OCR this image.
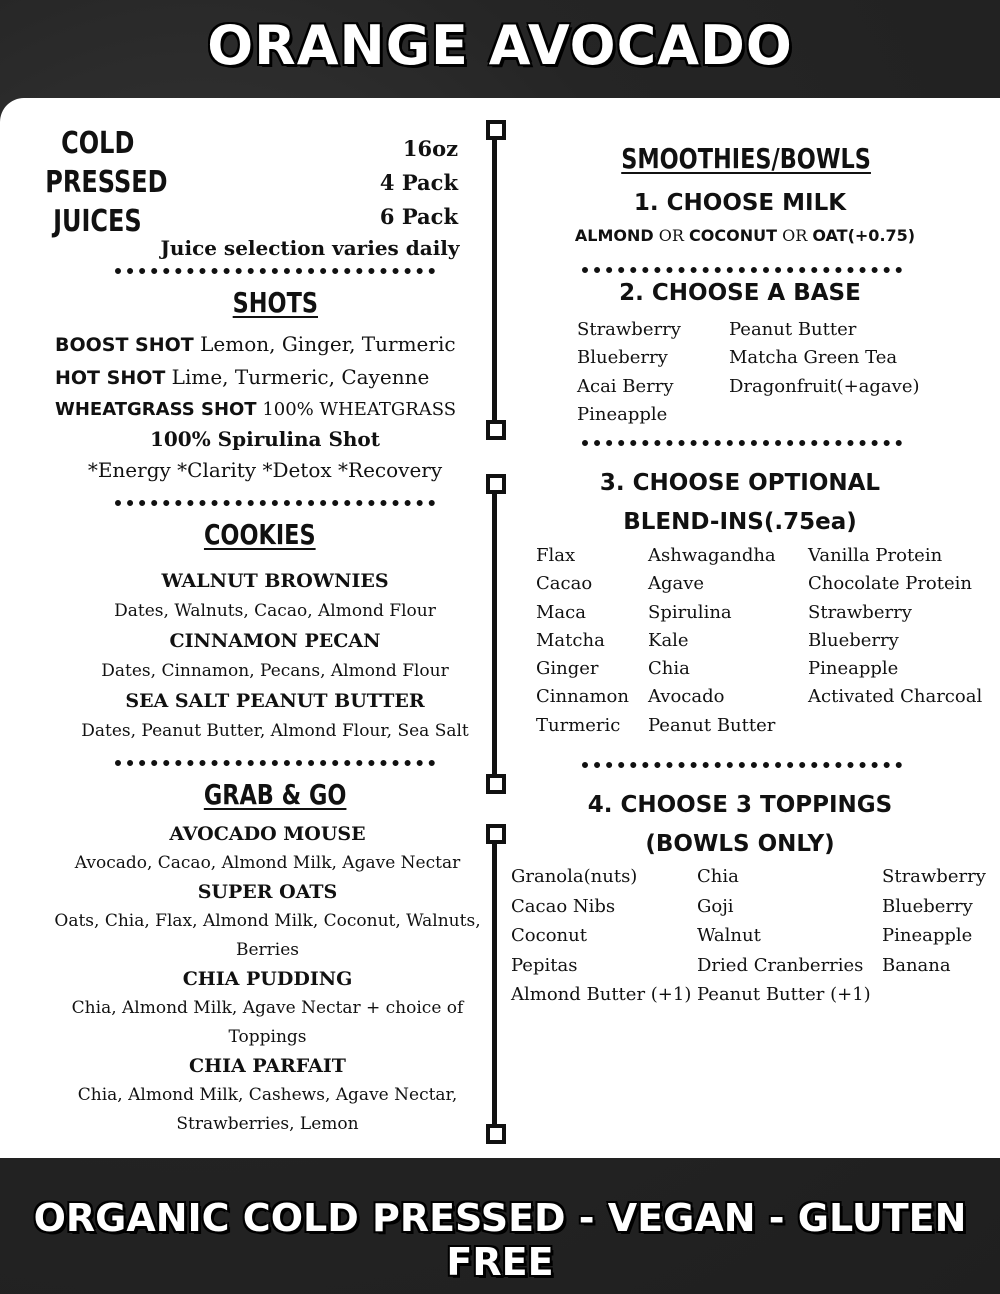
ORANGE AVOCADO
COLD
PRESSED
JUICES
16oz
4 Pack
6 Pack
Juice selection varies daily
SHOTS
BOOST SHOT Lemon, Ginger, Turmeric
HOT SHOT Lime, Turmeric, Cayenne
WHEATGRASS SHOT 100% WHEATGRASS
100% Spirulina Shot
*Energy *Clarity *Detox *Recovery
COOKIES
WALNUT BROWNIES
Dates, Walnuts, Cacao, Almond Flour
CINNAMON PECAN
Dates, Cinnamon, Pecans, Almond Flour
SEA SALT PEANUT BUTTER
Dates, Peanut Butter, Almond Flour, Sea Salt
GRAB & GO
AVOCADO MOUSE
Avocado, Cacao, Almond Milk, Agave Nectar
SUPER OATS
Oats, Chia, Flax, Almond Milk, Coconut, Walnuts, Berries
CHIA PUDDING
Chia, Almond Milk, Agave Nectar + choice of Toppings
CHIA PARFAIT
Chia, Almond Milk, Cashews, Agave Nectar, Strawberries, Lemon
SMOOTHIES/BOWLS
1. CHOOSE MILK
ALMOND OR COCONUT OR OAT(+0.75)
2. CHOOSE A BASE
Strawberry
Blueberry
Acai Berry
Pineapple
Peanut Butter
Matcha Green Tea
Dragonfruit(+agave)
3. CHOOSE OPTIONAL
BLEND-INS(.75ea)
Flax
Cacao
Maca
Matcha
Ginger
Cinnamon
Turmeric
Ashwagandha
Agave
Spirulina
Kale
Chia
Avocado
Peanut Butter
Vanilla Protein
Chocolate Protein
Strawberry
Blueberry
Pineapple
Activated Charcoal
4. CHOOSE 3 TOPPINGS
(BOWLS ONLY)
Granola(nuts)
Cacao Nibs
Coconut
Pepitas
Almond Butter (+1)
Chia
Goji
Walnut
Dried Cranberries
Peanut Butter (+1)
Strawberry
Blueberry
Pineapple
Banana
ORGANIC COLD PRESSED - VEGAN - GLUTEN FREE
